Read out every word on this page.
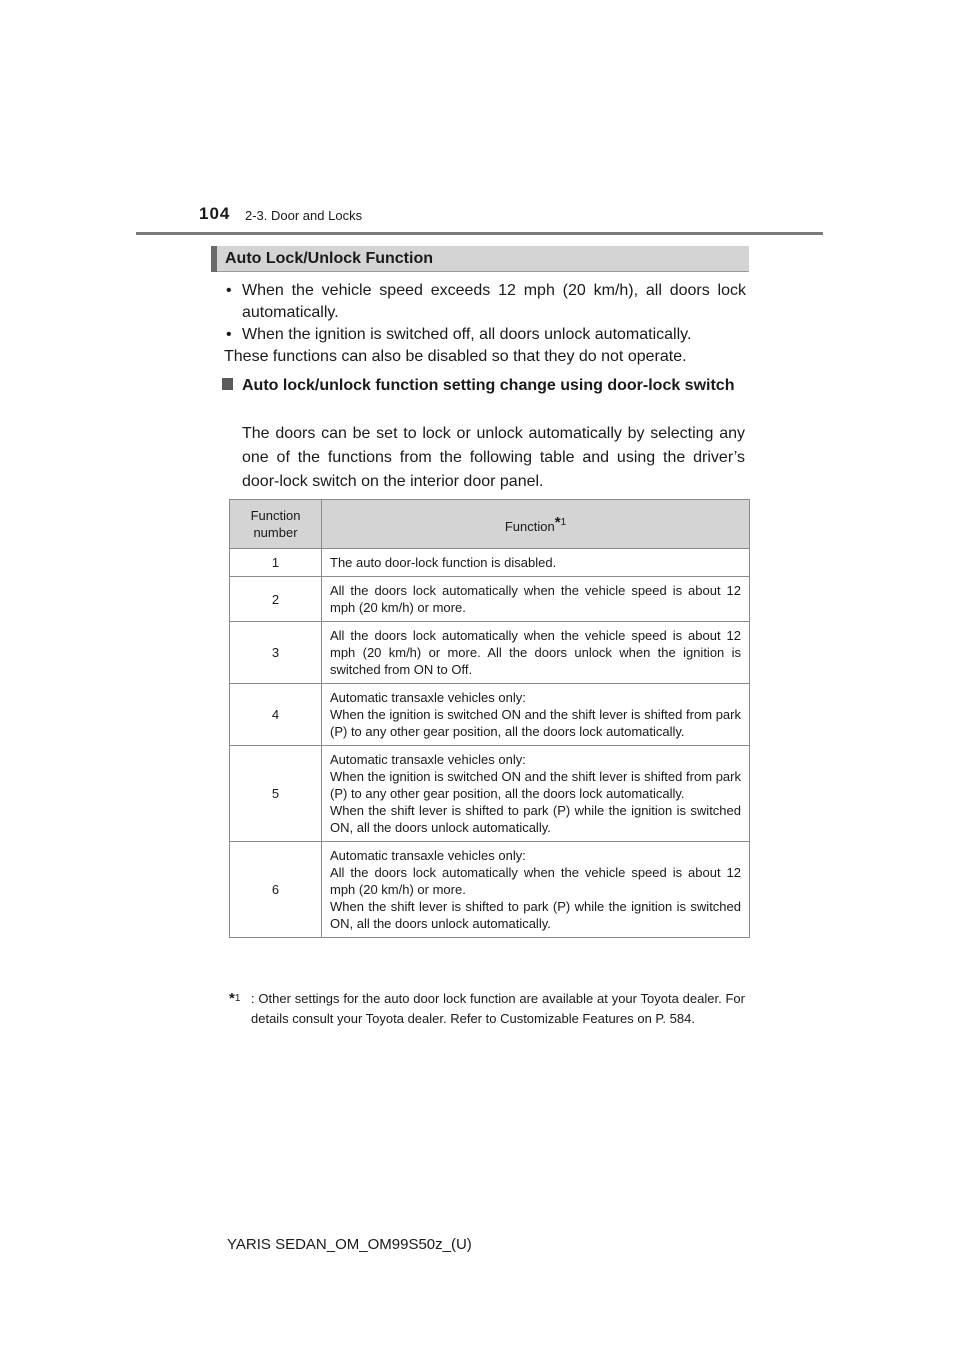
104 2-3. Door and Locks
Auto Lock/Unlock Function
• When the vehicle speed exceeds 12 mph (20 km/h), all doors lock automatically.
• When the ignition is switched off, all doors unlock automatically.
These functions can also be disabled so that they do not operate.
Auto lock/unlock function setting change using door-lock switch
The doors can be set to lock or unlock automatically by selecting any one of the functions from the following table and using the driver’s door-lock switch on the interior door panel.
Function number	Function$^{*1}$
1	The auto door-lock function is disabled.

2	All the doors lock automatically when the vehicle speed is about 12 mph (20 km/h) or more.

3	All the doors lock automatically when the vehicle speed is about 12 mph (20 km/h) or more. All the doors unlock when the ignition is switched from ON to Off.

4	Automatic transaxle vehicles only:
When the ignition is switched ON and the shift lever is shifted from park (P) to any other gear position, all the doors lock automatically.

5	Automatic transaxle vehicles only:
When the ignition is switched ON and the shift lever is shifted from park (P) to any other gear position, all the doors lock automatically.
When the shift lever is shifted to park (P) while the ignition is switched ON, all the doors unlock automatically.

6	Automatic transaxle vehicles only:
All the doors lock automatically when the vehicle speed is about 12 mph (20 km/h) or more.
When the shift lever is shifted to park (P) while the ignition is switched ON, all the doors unlock automatically.
$^{*1}$ : Other settings for the auto door lock function are available at your Toyota dealer. For details consult your Toyota dealer. Refer to Customizable Features on P. 584.
YARIS SEDAN_OM_OM99S50z_(U)
